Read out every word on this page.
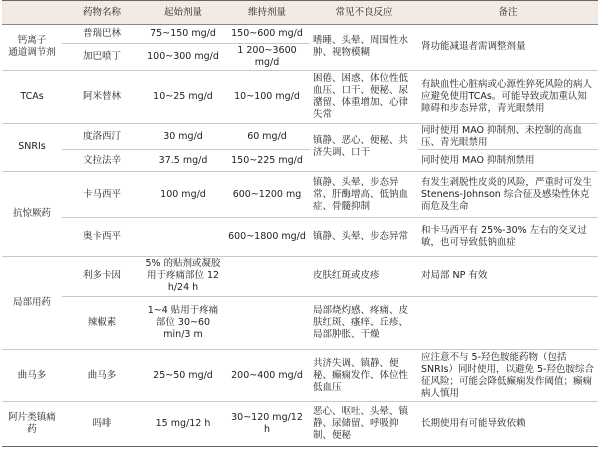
	药物名称	起始剂量	维持剂量	常见不良反应	备注
钙离子
通道调节剂	普瑞巴林	75~150 mg/d	150~600 mg/d	嗜睡、头晕、周围性水肿、视物模糊	肾功能减退者需调整剂量
	加巴喷丁	100~300 mg/d	1 200~3600 mg/d		
TCAs	阿米替林	10~25 mg/d	10~100 mg/d	困倦、困惑、体位性低血压、口干、便秘、尿潴留、体重增加、心律失常	有缺血性心脏病或心源性猝死风险的病人应避免使用TCAs。可能导致或加重认知障碍和步态异常，青光眼禁用
SNRIs	度洛西汀	30 mg/d	60 mg/d	镇静、恶心、便秘、共济失调、口干	同时使用 MAO 抑制剂、未控制的高血压、青光眼禁用
	文拉法辛	37.5 mg/d	150~225 mg/d		同时使用 MAO 抑制剂禁用
抗惊厥药	卡马西平	100 mg/d	600~1200 mg	镇静、头晕、步态异常、肝酶增高、低钠血症、骨髓抑制	有发生剥脱性皮炎的风险，严重时可发生 Stenens-Johnson 综合征及感染性休克而危及生命
	奥卡西平		600~1800 mg/d	镇静、头晕、步态异常	和卡马西平有 25%-30% 左右的交叉过敏，也可导致低钠血症
局部用药	利多卡因	5% 的贴剂或凝胶用于疼痛部位 12 h/24 h		皮肤红斑或皮疹	对局部 NP 有效
	辣椒素	1~4 贴用于疼痛部位 30~60 min/3 m		局部烧灼感、疼痛、皮肤红斑、瘙痒、丘疹、局部肿胀、干燥	
曲马多	曲马多	25~50 mg/d	200~400 mg/d	共济失调、镇静、便秘、癫痫发作、体位性低血压	应注意不与 5-羟色胺能药物（包括 SNRIs）同时使用，以避免 5-羟色胺综合征风险；可能会降低癫痫发作阈值；癫痫病人慎用
阿片类镇痛药	吗啡	15 mg/12 h	30~120 mg/12 h	恶心、呕吐、头晕、镇静、尿储留、呼吸抑制、便秘	长期使用有可能导致依赖
